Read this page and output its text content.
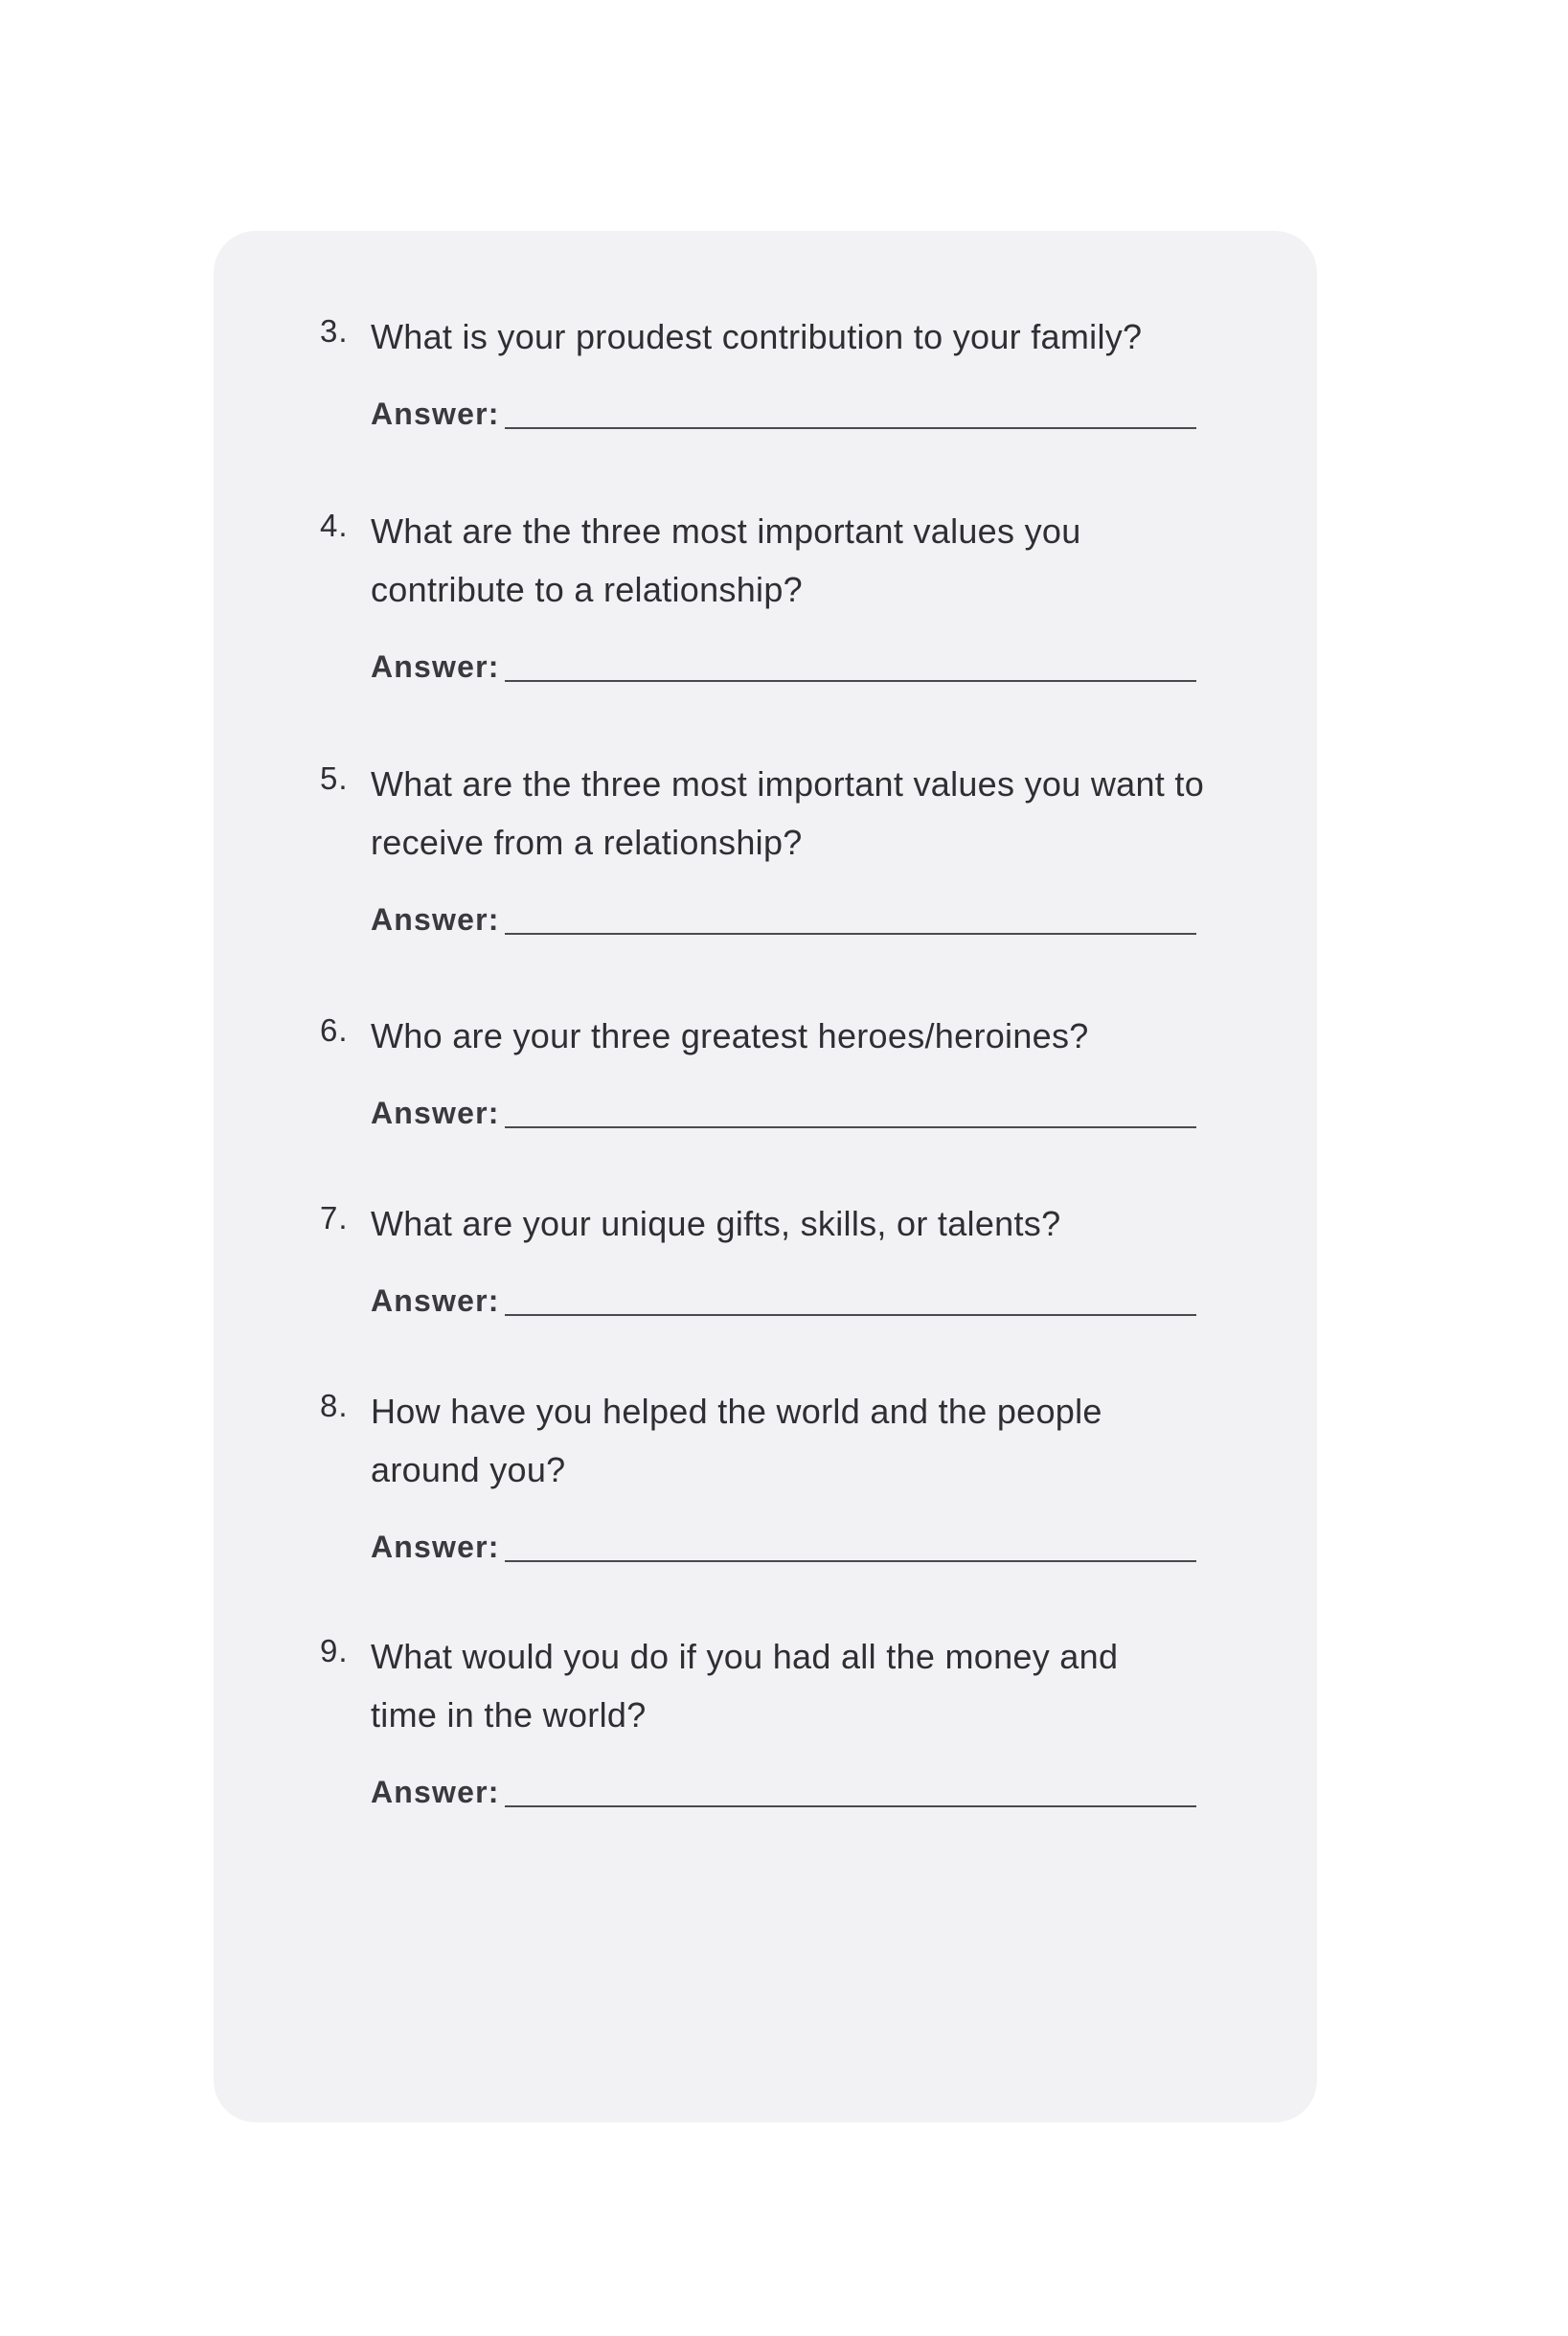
3. What is your proudest contribution to your family?
Answer:
4. What are the three most important values you contribute to a relationship?
Answer:
5. What are the three most important values you want to receive from a relationship?
Answer:
6. Who are your three greatest heroes/heroines?
Answer:
7. What are your unique gifts, skills, or talents?
Answer:
8. How have you helped the world and the people around you?
Answer:
9. What would you do if you had all the money and time in the world?
Answer:
